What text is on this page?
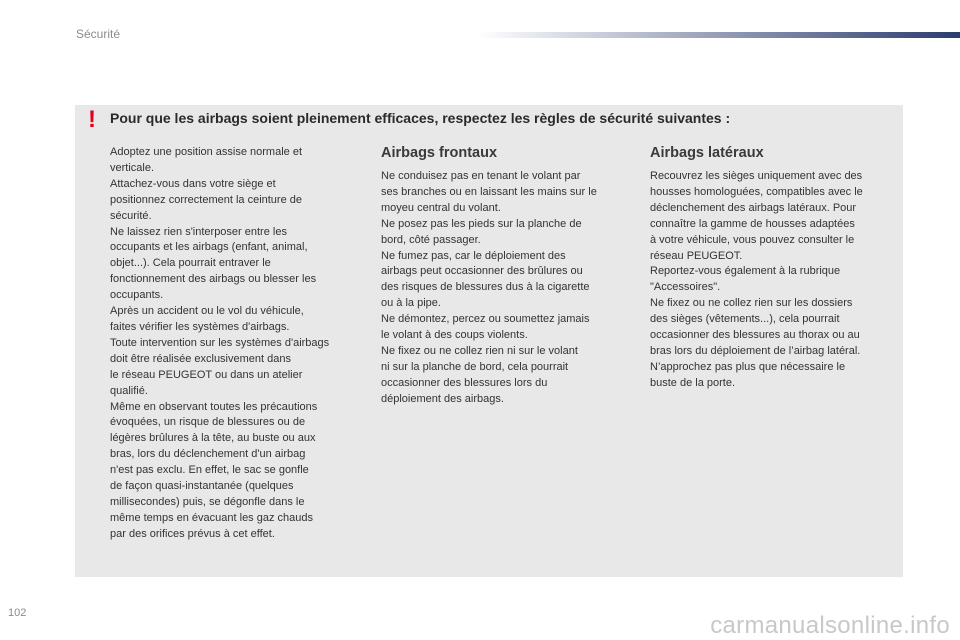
Sécurité
! Pour que les airbags soient pleinement efficaces, respectez les règles de sécurité suivantes :

Adoptez une position assise normale et
verticale.
Attachez-vous dans votre siège et
positionnez correctement la ceinture de
sécurité.
Ne laissez rien s'interposer entre les
occupants et les airbags (enfant, animal,
objet...). Cela pourrait entraver le
fonctionnement des airbags ou blesser les
occupants.
Après un accident ou le vol du véhicule,
faites vérifier les systèmes d'airbags.
Toute intervention sur les systèmes d'airbags
doit être réalisée exclusivement dans
le réseau PEUGEOT ou dans un atelier
qualifié.
Même en observant toutes les précautions
évoquées, un risque de blessures ou de
légères brûlures à la tête, au buste ou aux
bras, lors du déclenchement d'un airbag
n'est pas exclu. En effet, le sac se gonfle
de façon quasi-instantanée (quelques
millisecondes) puis, se dégonfle dans le
même temps en évacuant les gaz chauds
par des orifices prévus à cet effet.

Airbags frontaux

Ne conduisez pas en tenant le volant par
ses branches ou en laissant les mains sur le
moyeu central du volant.
Ne posez pas les pieds sur la planche de
bord, côté passager.
Ne fumez pas, car le déploiement des
airbags peut occasionner des brûlures ou
des risques de blessures dus à la cigarette
ou à la pipe.
Ne démontez, percez ou soumettez jamais
le volant à des coups violents.
Ne fixez ou ne collez rien ni sur le volant
ni sur la planche de bord, cela pourrait
occasionner des blessures lors du
déploiement des airbags.

Airbags latéraux

Recouvrez les sièges uniquement avec des
housses homologuées, compatibles avec le
déclenchement des airbags latéraux. Pour
connaître la gamme de housses adaptées
à votre véhicule, vous pouvez consulter le
réseau PEUGEOT.
Reportez-vous également à la rubrique
"Accessoires".
Ne fixez ou ne collez rien sur les dossiers
des sièges (vêtements...), cela pourrait
occasionner des blessures au thorax ou au
bras lors du déploiement de l’airbag latéral.
N’approchez pas plus que nécessaire le
buste de la porte.

102	carmanualsonline.info
